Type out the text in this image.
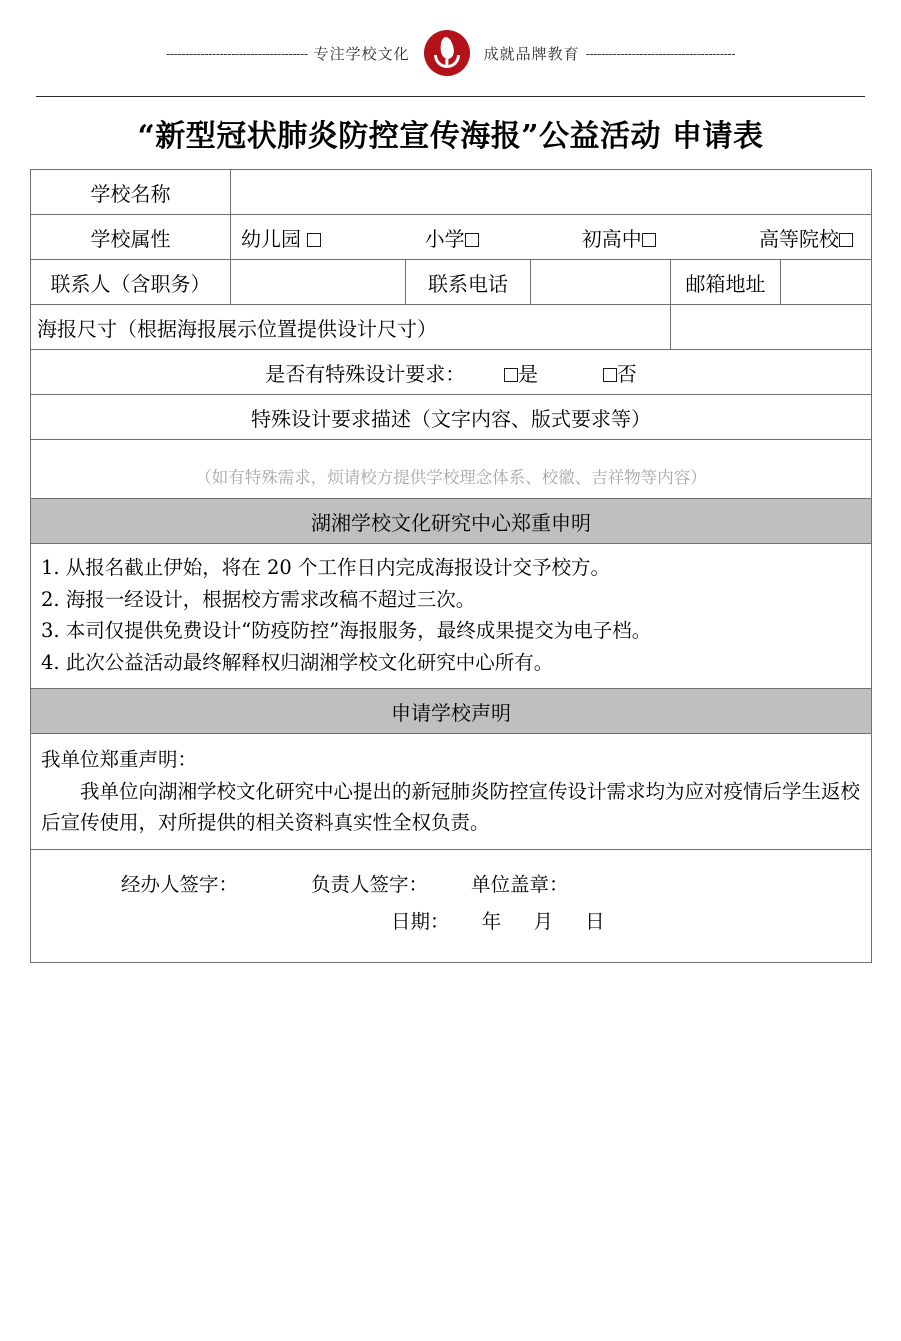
------------------------------------- 专注学校文化	成就品牌教育 ---------------------------------------
“新型冠状肺炎防控宣传海报”公益活动 申请表
学校名称					
学校属性	幼儿园 小学 初高中 高等院校				

联系人（含职务）		联系电话		邮箱地址	
海报尺寸（根据海报展示位置提供设计尺寸）					
是否有特殊设计要求： 是 否					
特殊设计要求描述（文字内容、版式要求等）					
（如有特殊需求，烦请校方提供学校理念体系、校徽、吉祥物等内容）					
湖湘学校文化研究中心郑重申明					

1. 从报名截止伊始，将在 20 个工作日内完成海报设计交予校方。
2. 海报一经设计，根据校方需求改稿不超过三次。
3. 本司仅提供免费设计“防疫防控”海报服务，最终成果提交为电子档。
4. 此次公益活动最终解释权归湖湘学校文化研究中心所有。					

申请学校声明					

我单位郑重声明：
我单位向湖湘学校文化研究中心提出的新冠肺炎防控宣传设计需求均为应对疫情后学生返校后宣传使用，对所提供的相关资料真实性全权负责。					

经办人签字： 负责人签字： 单位盖章：
日期： 年 月 日					
